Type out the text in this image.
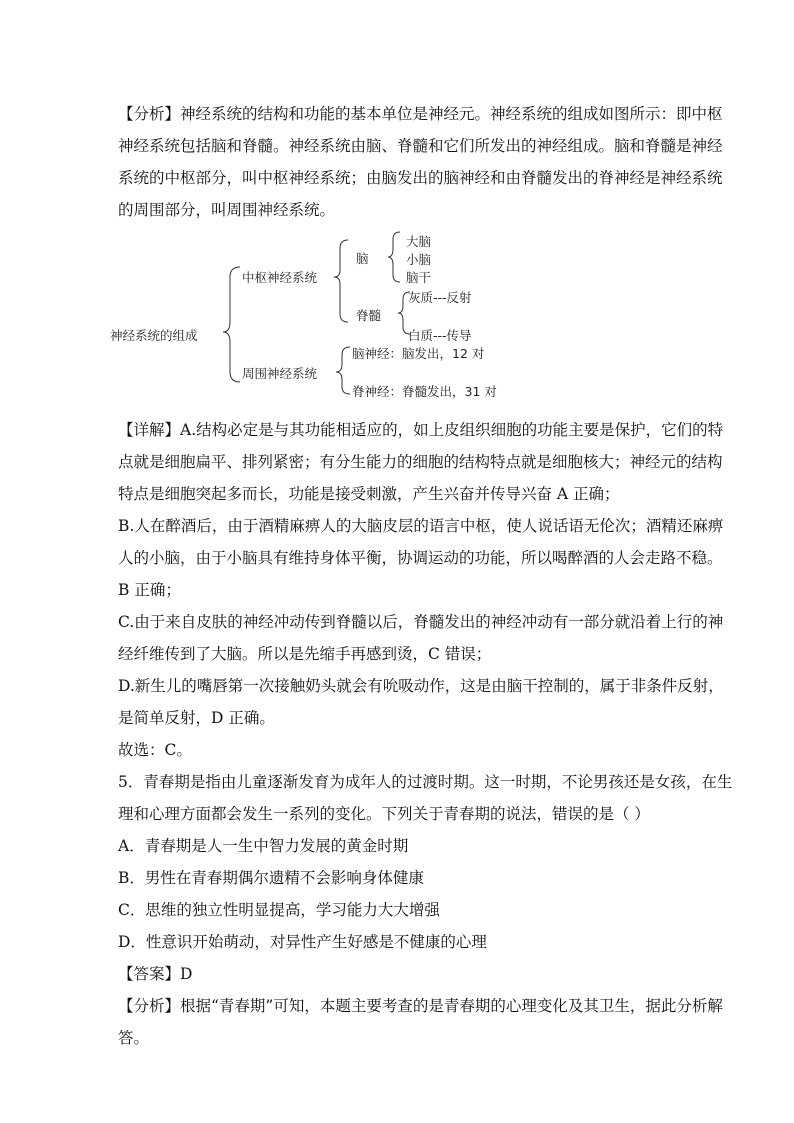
【分析】神经系统的结构和功能的基本单位是神经元。神经系统的组成如图所示：即中枢

神经系统包括脑和脊髓。神经系统由脑、脊髓和它们所发出的神经组成。脑和脊髓是神经

系统的中枢部分，叫中枢神经系统；由脑发出的脑神经和由脊髓发出的脊神经是神经系统

的周围部分，叫周围神经系统。

神经系统的组成
中枢神经系统
周围神经系统
脑
大脑
小脑
脑干
脊髓
灰质---反射
白质---传导
脑神经：脑发出，12 对
脊神经：脊髓发出，31 对

【详解】A.结构必定是与其功能相适应的，如上皮组织细胞的功能主要是保护，它们的特

点就是细胞扁平、排列紧密；有分生能力的细胞的结构特点就是细胞核大；神经元的结构

特点是细胞突起多而长，功能是接受刺激，产生兴奋并传导兴奋 A 正确；

B.人在醉酒后，由于酒精麻痹人的大脑皮层的语言中枢，使人说话语无伦次；酒精还麻痹

人的小脑，由于小脑具有维持身体平衡，协调运动的功能，所以喝醉酒的人会走路不稳。

B 正确；

C.由于来自皮肤的神经冲动传到脊髓以后，脊髓发出的神经冲动有一部分就沿着上行的神

经纤维传到了大脑。所以是先缩手再感到烫，C 错误；

D.新生儿的嘴唇第一次接触奶头就会有吮吸动作，这是由脑干控制的，属于非条件反射，

是简单反射，D 正确。

故选：C。

5．青春期是指由儿童逐渐发育为成年人的过渡时期。这一时期，不论男孩还是女孩，在生

理和心理方面都会发生一系列的变化。下列关于青春期的说法，错误的是（ ）

A．青春期是人一生中智力发展的黄金时期

B．男性在青春期偶尔遗精不会影响身体健康

C．思维的独立性明显提高，学习能力大大增强

D．性意识开始萌动，对异性产生好感是不健康的心理

【答案】D

【分析】根据“青春期”可知，本题主要考查的是青春期的心理变化及其卫生，据此分析解

答。
